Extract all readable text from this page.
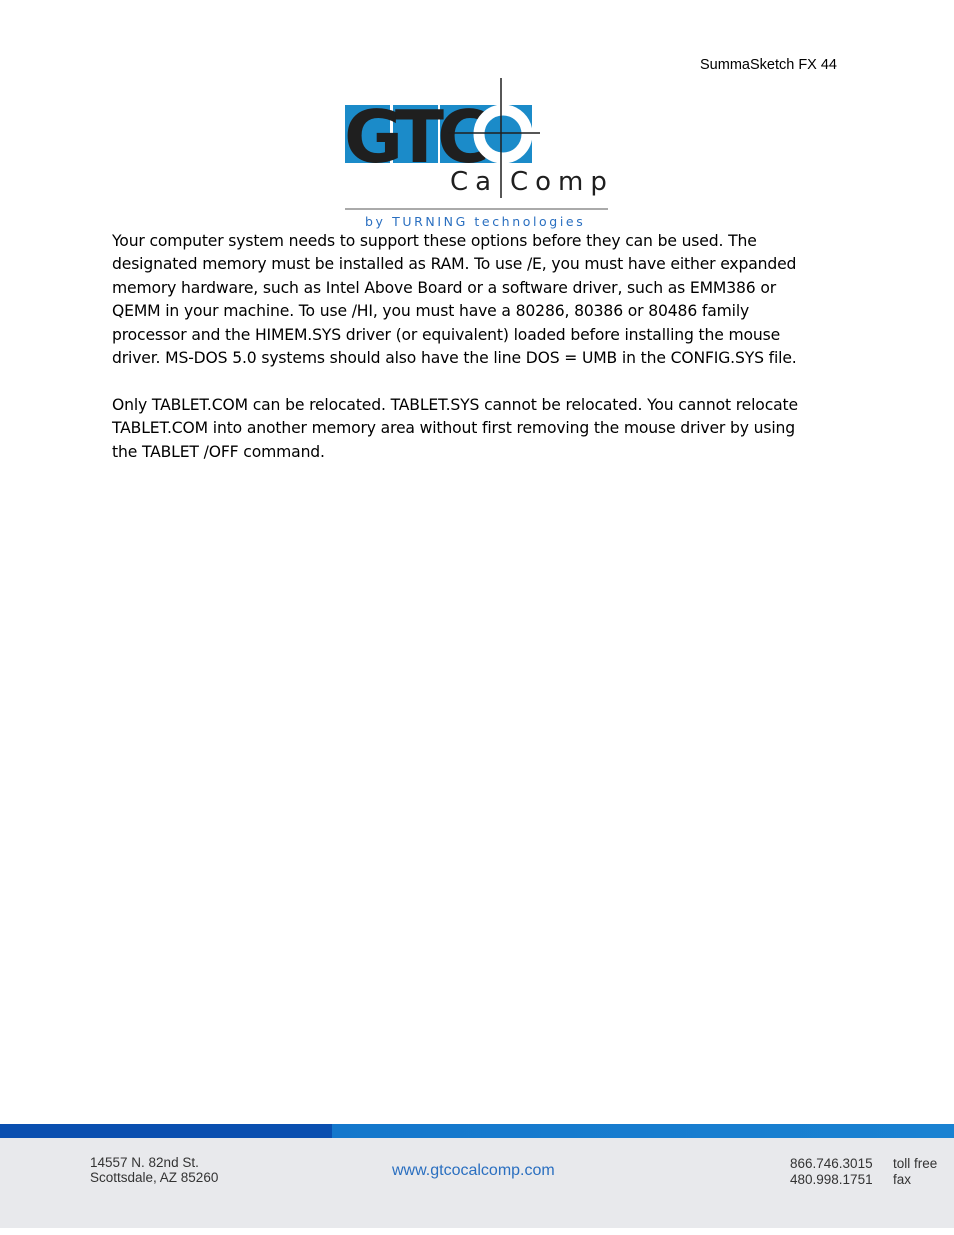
SummaSketch FX 44
GTC
Ca Comp
by TURNING technologies

Your computer system needs to support these options before they can be used. The
designated memory must be installed as RAM. To use /E, you must have either expanded
memory hardware, such as Intel Above Board or a software driver, such as EMM386 or
QEMM in your machine. To use /HI, you must have a 80286, 80386 or 80486 family
processor and the HIMEM.SYS driver (or equivalent) loaded before installing the mouse
driver. MS-DOS 5.0 systems should also have the line DOS = UMB in the CONFIG.SYS file.

Only TABLET.COM can be relocated. TABLET.SYS cannot be relocated. You cannot relocate
TABLET.COM into another memory area without first removing the mouse driver by using
the TABLET /OFF command.

14557 N. 82nd St.
Scottsdale, AZ 85260	www.gtcocalcomp.com	866.746.3015	toll free
480.998.1751	fax
